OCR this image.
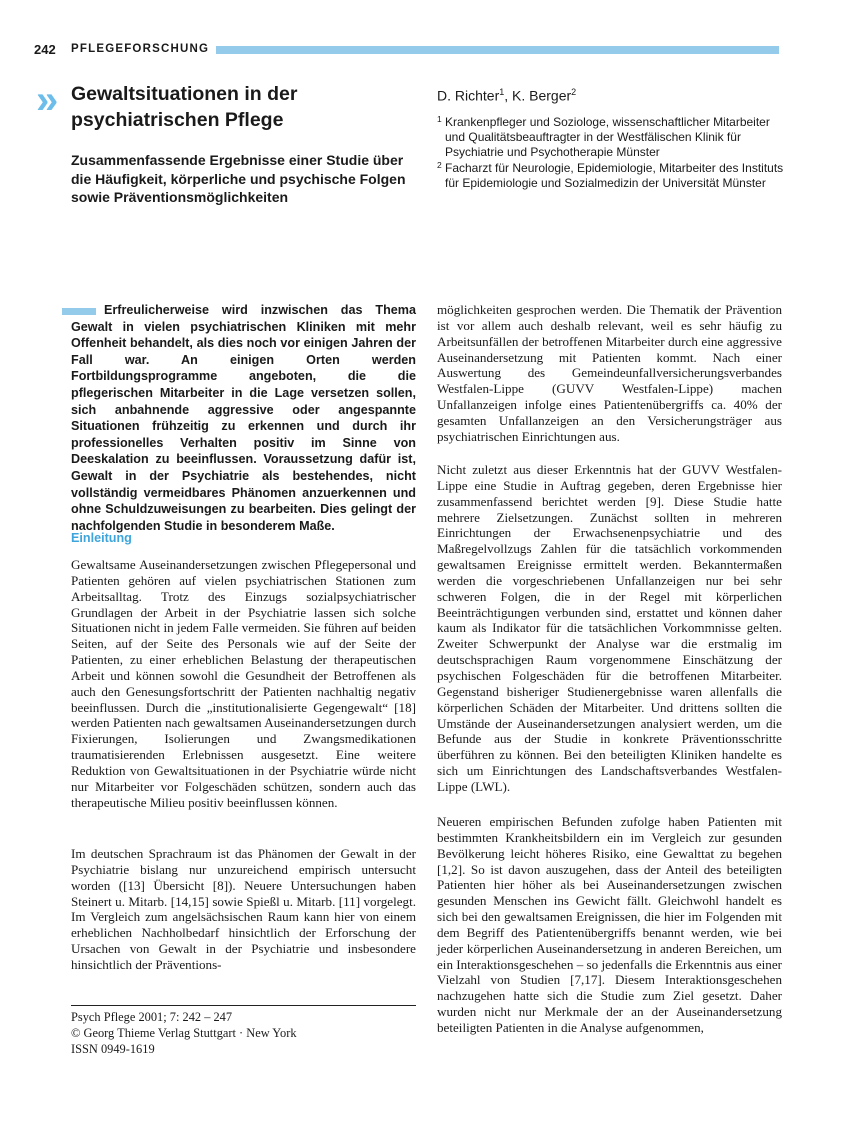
242 PFLEGEFORSCHUNG
» Gewaltsituationen in der psychiatrischen Pflege
Zusammenfassende Ergebnisse einer Studie über die Häufigkeit, körperliche und psychische Folgen sowie Präventionsmöglichkeiten
D. Richter$^1$, K. Berger$^2$
1 Krankenpfleger und Soziologe, wissenschaftlicher Mitarbeiter und Qualitätsbeauftragter in der Westfälischen Klinik für Psychiatrie und Psychotherapie Münster
2 Facharzt für Neurologie, Epidemiologie, Mitarbeiter des Instituts für Epidemiologie und Sozialmedizin der Universität Münster

Erfreulicherweise wird inzwischen das Thema Gewalt in vielen psychiatrischen Kliniken mit mehr Offenheit behandelt, als dies noch vor einigen Jahren der Fall war. An einigen Orten werden Fortbildungsprogramme angeboten, die die pflegerischen Mitarbeiter in die Lage versetzen sollen, sich anbahnende aggressive oder angespannte Situationen frühzeitig zu erkennen und durch ihr professionelles Verhalten positiv im Sinne von Deeskalation zu beeinflussen. Voraussetzung dafür ist, Gewalt in der Psychiatrie als bestehendes, nicht vollständig vermeidbares Phänomen anzuerkennen und ohne Schuldzuweisungen zu bearbeiten. Dies gelingt der nachfolgenden Studie in besonderem Maße.

Einleitung

Gewaltsame Auseinandersetzungen zwischen Pflegepersonal und Patienten gehören auf vielen psychiatrischen Stationen zum Arbeitsalltag. Trotz des Einzugs sozialpsychiatrischer Grundlagen der Arbeit in der Psychiatrie lassen sich solche Situationen nicht in jedem Falle vermeiden. Sie führen auf beiden Seiten, auf der Seite des Personals wie auf der Seite der Patienten, zu einer erheblichen Belastung der therapeutischen Arbeit und können sowohl die Gesundheit der Betroffenen als auch den Genesungsfortschritt der Patienten nachhaltig negativ beeinflussen. Durch die „institutionalisierte Gegengewalt“ [18] werden Patienten nach gewaltsamen Auseinandersetzungen durch Fixierungen, Isolierungen und Zwangsmedikationen traumatisierenden Erlebnissen ausgesetzt. Eine weitere Reduktion von Gewaltsituationen in der Psychiatrie würde nicht nur Mitarbeiter vor Folgeschäden schützen, sondern auch das therapeutische Milieu positiv beeinflussen können.

Im deutschen Sprachraum ist das Phänomen der Gewalt in der Psychiatrie bislang nur unzureichend empirisch untersucht worden ([13] Übersicht [8]). Neuere Untersuchungen haben Steinert u. Mitarb. [14,15] sowie Spießl u. Mitarb. [11] vorgelegt. Im Vergleich zum angelsächsischen Raum kann hier von einem erheblichen Nachholbedarf hinsichtlich der Erforschung der Ursachen von Gewalt in der Psychiatrie und insbesondere hinsichtlich der Präventions-

möglichkeiten gesprochen werden. Die Thematik der Prävention ist vor allem auch deshalb relevant, weil es sehr häufig zu Arbeitsunfällen der betroffenen Mitarbeiter durch eine aggressive Auseinandersetzung mit Patienten kommt. Nach einer Auswertung des Gemeindeunfallversicherungsverbandes Westfalen-Lippe (GUVV Westfalen-Lippe) machen Unfallanzeigen infolge eines Patientenübergriffs ca. 40% der gesamten Unfallanzeigen an den Versicherungsträger aus psychiatrischen Einrichtungen aus.

Nicht zuletzt aus dieser Erkenntnis hat der GUVV Westfalen-Lippe eine Studie in Auftrag gegeben, deren Ergebnisse hier zusammenfassend berichtet werden [9]. Diese Studie hatte mehrere Zielsetzungen. Zunächst sollten in mehreren Einrichtungen der Erwachsenenpsychiatrie und des Maßregelvollzugs Zahlen für die tatsächlich vorkommenden gewaltsamen Ereignisse ermittelt werden. Bekanntermaßen werden die vorgeschriebenen Unfallanzeigen nur bei sehr schweren Folgen, die in der Regel mit körperlichen Beeinträchtigungen verbunden sind, erstattet und können daher kaum als Indikator für die tatsächlichen Vorkommnisse gelten. Zweiter Schwerpunkt der Analyse war die erstmalig im deutschsprachigen Raum vorgenommene Einschätzung der psychischen Folgeschäden für die betroffenen Mitarbeiter. Gegenstand bisheriger Studienergebnisse waren allenfalls die körperlichen Schäden der Mitarbeiter. Und drittens sollten die Umstände der Auseinandersetzungen analysiert werden, um die Befunde aus der Studie in konkrete Präventionsschritte überführen zu können. Bei den beteiligten Kliniken handelte es sich um Einrichtungen des Landschaftsverbandes Westfalen-Lippe (LWL).

Neueren empirischen Befunden zufolge haben Patienten mit bestimmten Krankheitsbildern ein im Vergleich zur gesunden Bevölkerung leicht höheres Risiko, eine Gewalttat zu begehen [1,2]. So ist davon auszugehen, dass der Anteil des beteiligten Patienten hier höher als bei Auseinandersetzungen zwischen gesunden Menschen ins Gewicht fällt. Gleichwohl handelt es sich bei den gewaltsamen Ereignissen, die hier im Folgenden mit dem Begriff des Patientenübergriffs benannt werden, wie bei jeder körperlichen Auseinandersetzung in anderen Bereichen, um ein Interaktionsgeschehen – so jedenfalls die Erkenntnis aus einer Vielzahl von Studien [7,17]. Diesem Interaktionsgeschehen nachzugehen hatte sich die Studie zum Ziel gesetzt. Daher wurden nicht nur Merkmale der an der Auseinandersetzung beteiligten Patienten in die Analyse aufgenommen,

Psych Pflege 2001; 7: 242 – 247
© Georg Thieme Verlag Stuttgart · New York
ISSN 0949-1619
